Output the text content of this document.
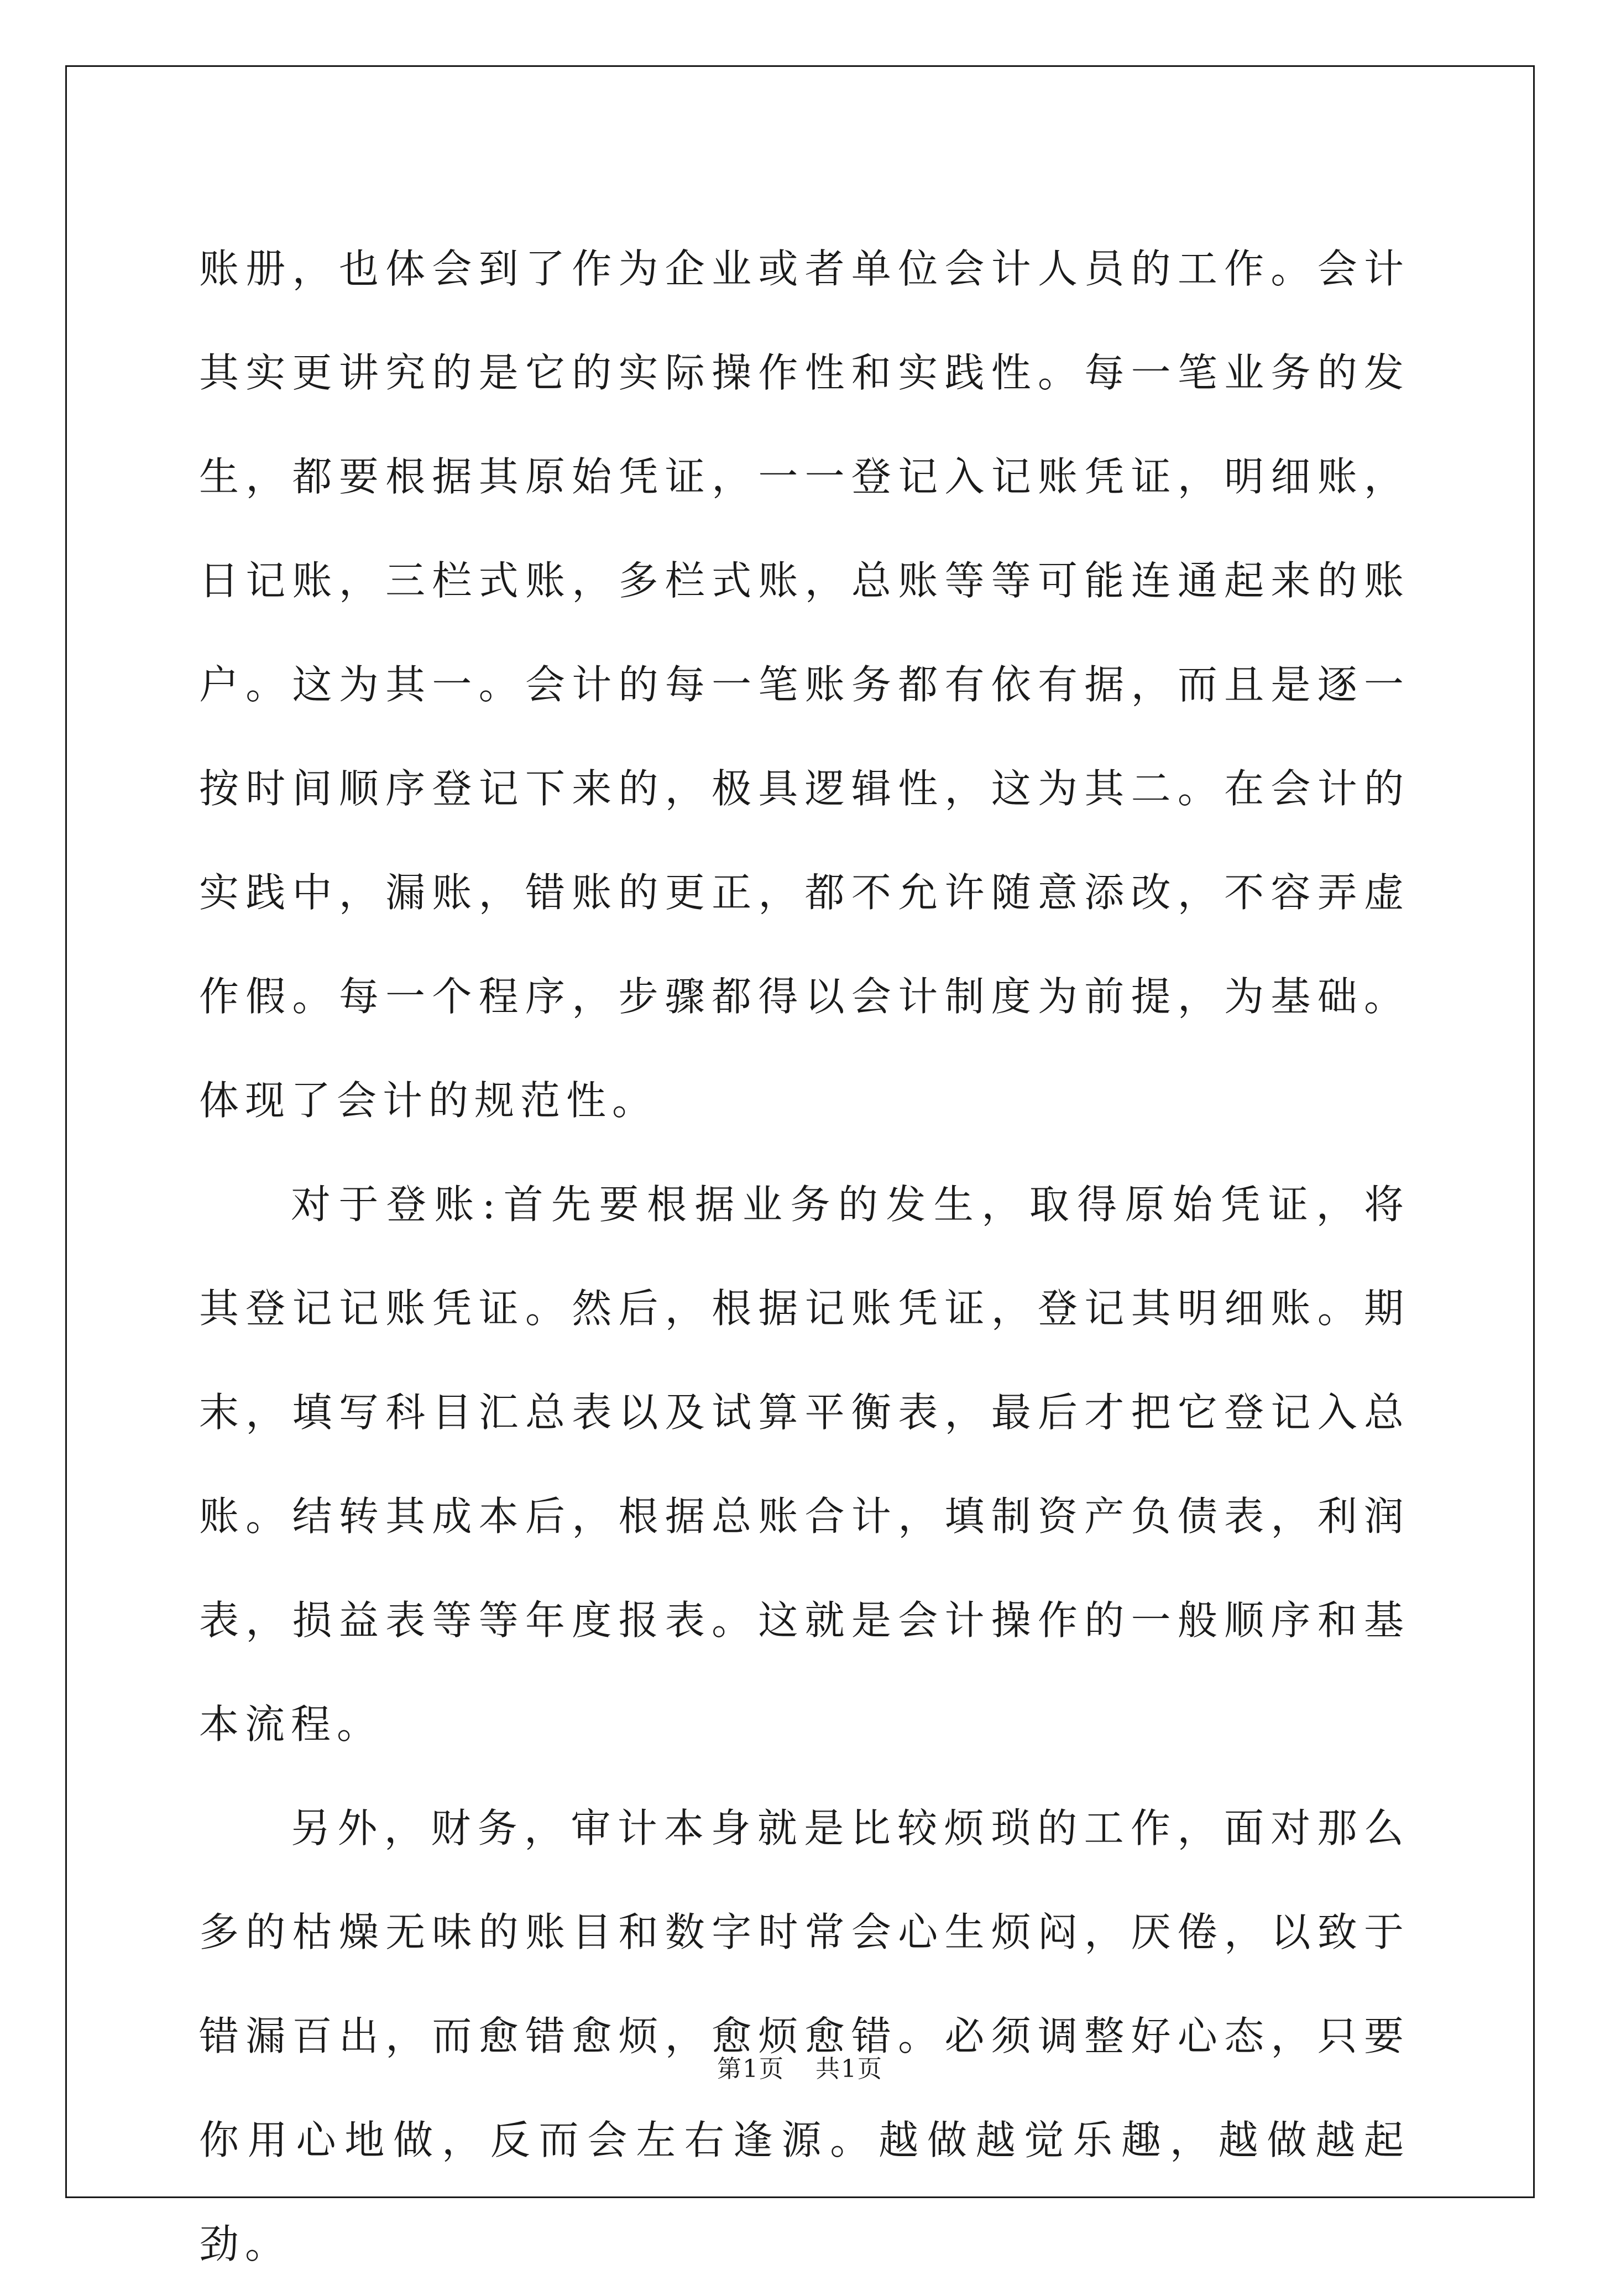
账册，也体会到了作为企业或者单位会计人员的工作。会计其实更讲究的是它的实际操作性和实践性。每一笔业务的发生，都要根据其原始凭证，一一登记入记账凭证，明细账，日记账，三栏式账，多栏式账，总账等等可能连通起来的账户。这为其一。会计的每一笔账务都有依有据，而且是逐一按时间顺序登记下来的，极具逻辑性，这为其二。在会计的实践中，漏账，错账的更正，都不允许随意添改，不容弄虚作假。每一个程序，步骤都得以会计制度为前提，为基础。体现了会计的规范性。

对于登账:首先要根据业务的发生，取得原始凭证，将其登记记账凭证。然后，根据记账凭证，登记其明细账。期末，填写科目汇总表以及试算平衡表，最后才把它登记入总账。结转其成本后，根据总账合计，填制资产负债表，利润表，损益表等等年度报表。这就是会计操作的一般顺序和基本流程。

另外，财务，审计本身就是比较烦琐的工作，面对那么多的枯燥无味的账目和数字时常会心生烦闷，厌倦，以致于错漏百出，而愈错愈烦，愈烦愈错。必须调整好心态，只要你用心地做，反而会左右逢源。越做越觉乐趣，越做越起劲。

第1页 共1页
